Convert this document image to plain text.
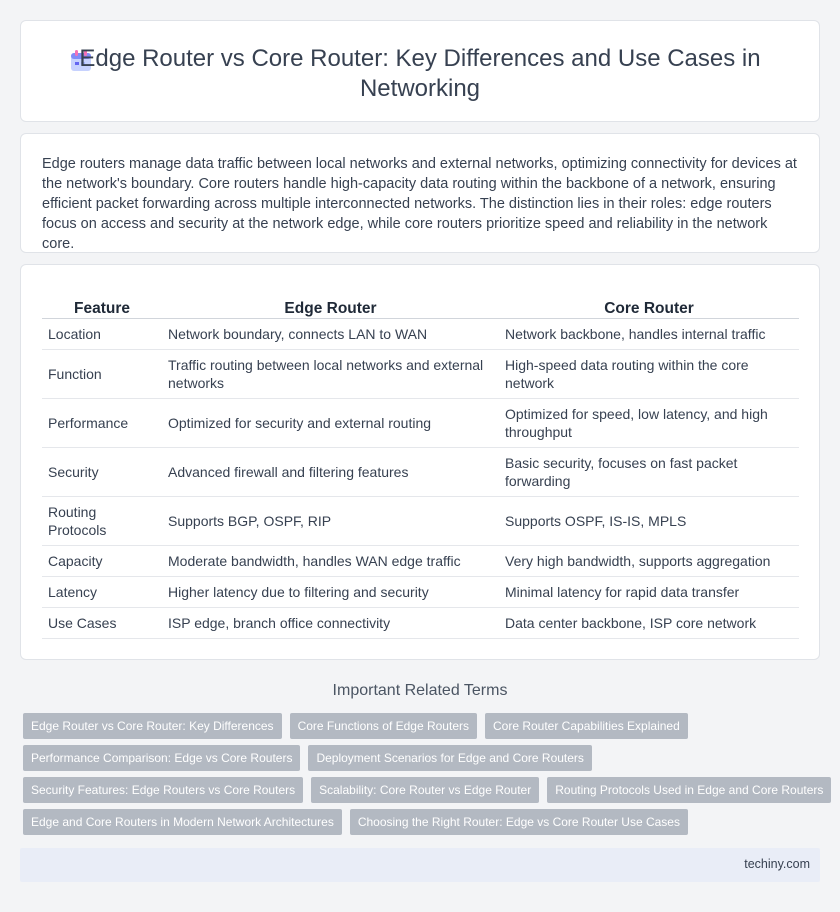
Edge Router vs Core Router: Key Differences and Use Cases in Networking

Edge routers manage data traffic between local networks and external networks, optimizing connectivity for devices at the network's boundary. Core routers handle high-capacity data routing within the backbone of a network, ensuring efficient packet forwarding across multiple interconnected networks. The distinction lies in their roles: edge routers focus on access and security at the network edge, while core routers prioritize speed and reliability in the network core.

Feature	Edge Router	Core Router
Location	Network boundary, connects LAN to WAN	Network backbone, handles internal traffic
Function	Traffic routing between local networks and external networks	High-speed data routing within the core network
Performance	Optimized for security and external routing	Optimized for speed, low latency, and high throughput
Security	Advanced firewall and filtering features	Basic security, focuses on fast packet forwarding
Routing Protocols	Supports BGP, OSPF, RIP	Supports OSPF, IS-IS, MPLS
Capacity	Moderate bandwidth, handles WAN edge traffic	Very high bandwidth, supports aggregation
Latency	Higher latency due to filtering and security	Minimal latency for rapid data transfer
Use Cases	ISP edge, branch office connectivity	Data center backbone, ISP core network
Important Related Terms
Edge Router vs Core Router: Key Differences	Core Functions of Edge Routers	Core Router Capabilities Explained
Performance Comparison: Edge vs Core Routers	Deployment Scenarios for Edge and Core Routers
Security Features: Edge Routers vs Core Routers	Scalability: Core Router vs Edge Router	Routing Protocols Used in Edge and Core Routers
Edge and Core Routers in Modern Network Architectures	Choosing the Right Router: Edge vs Core Router Use Cases
techiny.com
